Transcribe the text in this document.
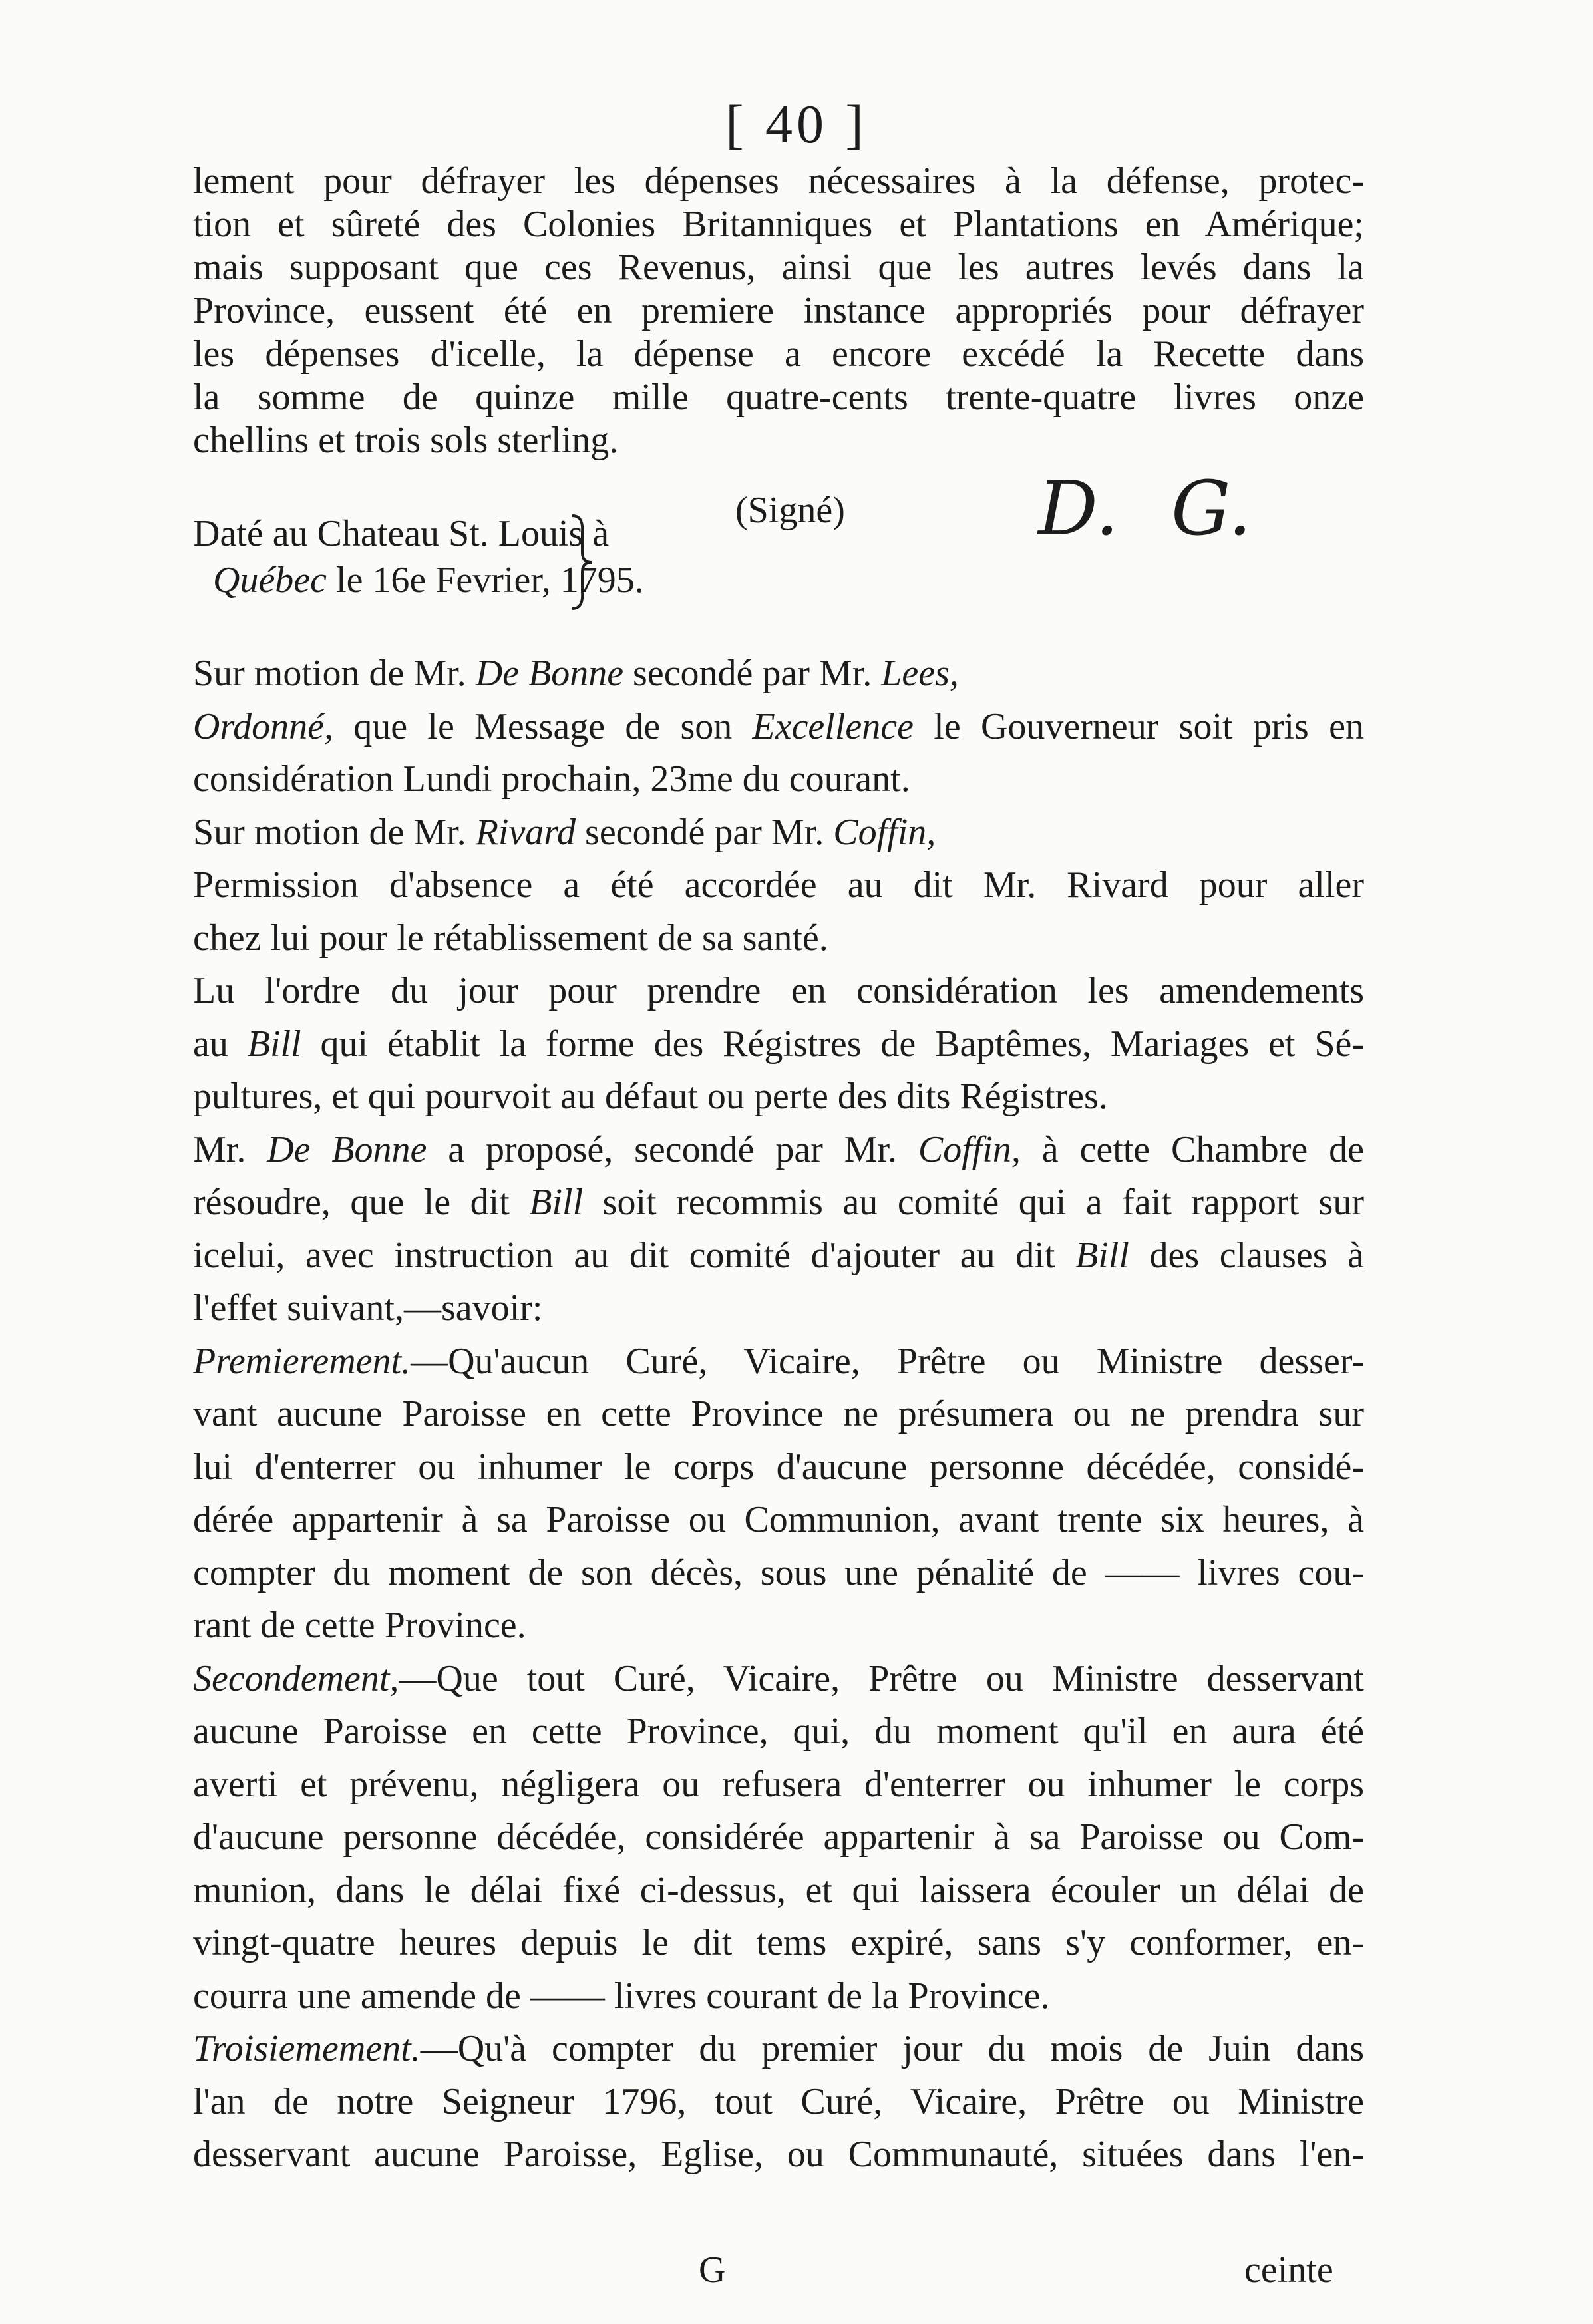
[ 40 ]
lement pour défrayer les dépenses nécessaires à la défense, protec-
tion et sûreté des Colonies Britanniques et Plantations en Amérique;
mais supposant que ces Revenus, ainsi que les autres levés dans la
Province, eussent été en premiere instance appropriés pour défrayer
les dépenses d'icelle, la dépense a encore excédé la Recette dans
la somme de quinze mille quatre-cents trente-quatre livres onze
chellins et trois sols sterling.
Daté au Chateau St. Louis à
Québec le 16e Fevrier, 1795.
(Signé)	D. G.
Sur motion de Mr. De Bonne secondé par Mr. Lees,
Ordonné, que le Message de son Excellence le Gouverneur soit pris en
considération Lundi prochain, 23me du courant.
Sur motion de Mr. Rivard secondé par Mr. Coffin,
Permission d'absence a été accordée au dit Mr. Rivard pour aller
chez lui pour le rétablissement de sa santé.
Lu l'ordre du jour pour prendre en considération les amendements
au Bill qui établit la forme des Régistres de Baptêmes, Mariages et Sé-
pultures, et qui pourvoit au défaut ou perte des dits Régistres.
Mr. De Bonne a proposé, secondé par Mr. Coffin, à cette Chambre de
résoudre, que le dit Bill soit recommis au comité qui a fait rapport sur
icelui, avec instruction au dit comité d'ajouter au dit Bill des clauses à
l'effet suivant,—savoir:
Premierement.—Qu'aucun Curé, Vicaire, Prêtre ou Ministre desser-
vant aucune Paroisse en cette Province ne présumera ou ne prendra sur
lui d'enterrer ou inhumer le corps d'aucune personne décédée, considé-
dérée appartenir à sa Paroisse ou Communion, avant trente six heures, à
compter du moment de son décès, sous une pénalité de —— livres cou-
rant de cette Province.
Secondement,—Que tout Curé, Vicaire, Prêtre ou Ministre desservant
aucune Paroisse en cette Province, qui, du moment qu'il en aura été
averti et prévenu, négligera ou refusera d'enterrer ou inhumer le corps
d'aucune personne décédée, considérée appartenir à sa Paroisse ou Com-
munion, dans le délai fixé ci-dessus, et qui laissera écouler un délai de
vingt-quatre heures depuis le dit tems expiré, sans s'y conformer, en-
courra une amende de —— livres courant de la Province.
Troisiemement.—Qu'à compter du premier jour du mois de Juin dans
l'an de notre Seigneur 1796, tout Curé, Vicaire, Prêtre ou Ministre
desservant aucune Paroisse, Eglise, ou Communauté, situées dans l'en-
G	ceinte
